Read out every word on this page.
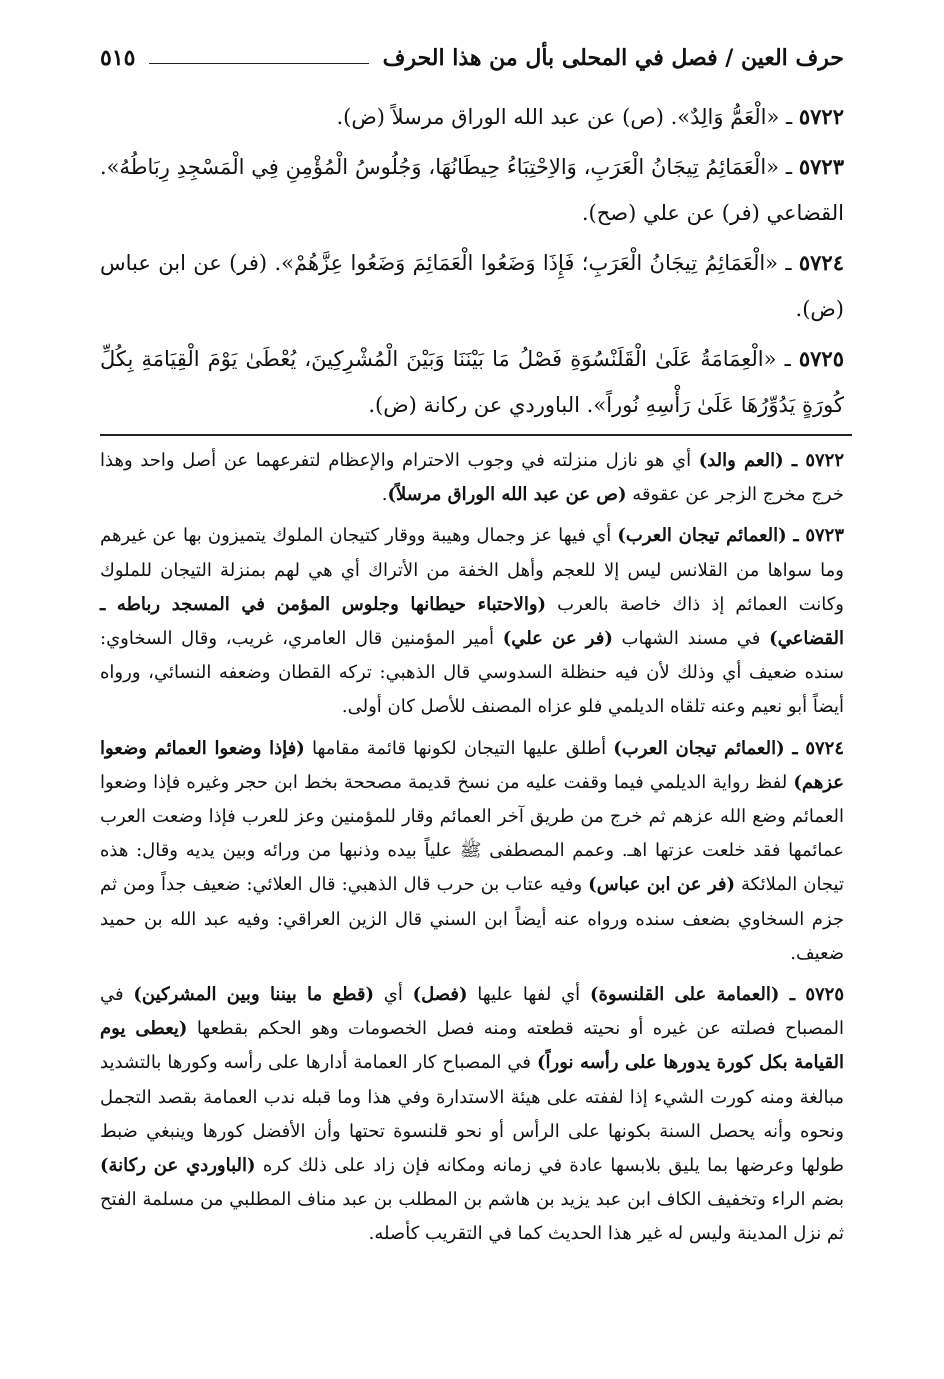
حرف العين / فصل في المحلى بأل من هذا الحرف
٥١٥

٥٧٢٢ ـ «الْعَمُّ وَالِدٌ». (ص) عن عبد الله الوراق مرسلاً (ض).

٥٧٢٣ ـ «الْعَمَائِمُ تِيجَانُ الْعَرَبِ، وَالاِحْتِبَاءُ حِيطَانُهَا، وَجُلُوسُ الْمُؤْمِنِ فِي الْمَسْجِدِ رِبَاطُهُ». القضاعي (فر) عن علي (صح).

٥٧٢٤ ـ «الْعَمَائِمُ تِيجَانُ الْعَرَبِ؛ فَإِذَا وَضَعُوا الْعَمَائِمَ وَضَعُوا عِزَّهُمْ». (فر) عن ابن عباس (ض).

٥٧٢٥ ـ «الْعِمَامَةُ عَلَىٰ الْقَلَنْسُوَةِ فَصْلُ مَا بَيْنَنَا وَبَيْنَ الْمُشْرِكِينَ، يُعْطَىٰ يَوْمَ الْقِيَامَةِ بِكُلِّ كُورَةٍ يَدُوِّرُهَا عَلَىٰ رَأْسِهِ نُوراً». الباوردي عن ركانة (ض).

٥٧٢٢ ـ (العم والد) أي هو نازل منزلته في وجوب الاحترام والإعظام لتفرعهما عن أصل واحد وهذا خرج مخرج الزجر عن عقوقه (ص عن عبد الله الوراق مرسلاً).

٥٧٢٣ ـ (العمائم تيجان العرب) أي فيها عز وجمال وهيبة ووقار كتيجان الملوك يتميزون بها عن غيرهم وما سواها من القلانس ليس إلا للعجم وأهل الخفة من الأتراك أي هي لهم بمنزلة التيجان للملوك وكانت العمائم إذ ذاك خاصة بالعرب (والاحتباء حيطانها وجلوس المؤمن في المسجد رباطه ـ القضاعي) في مسند الشهاب (فر عن علي) أمير المؤمنين قال العامري، غريب، وقال السخاوي: سنده ضعيف أي وذلك لأن فيه حنظلة السدوسي قال الذهبي: تركه القطان وضعفه النسائي، ورواه أيضاً أبو نعيم وعنه تلقاه الديلمي فلو عزاه المصنف للأصل كان أولى.

٥٧٢٤ ـ (العمائم تيجان العرب) أطلق عليها التيجان لكونها قائمة مقامها (فإذا وضعوا العمائم وضعوا عزهم) لفظ رواية الديلمي فيما وقفت عليه من نسخ قديمة مصححة بخط ابن حجر وغيره فإذا وضعوا العمائم وضع الله عزهم ثم خرج من طريق آخر العمائم وقار للمؤمنين وعز للعرب فإذا وضعت العرب عمائمها فقد خلعت عزتها اهـ. وعمم المصطفى ﷺ علياً بيده وذنبها من ورائه وبين يديه وقال: هذه تيجان الملائكة (فر عن ابن عباس) وفيه عتاب بن حرب قال الذهبي: قال العلائي: ضعيف جداً ومن ثم جزم السخاوي بضعف سنده ورواه عنه أيضاً ابن السني قال الزين العراقي: وفيه عبد الله بن حميد ضعيف.

٥٧٢٥ ـ (العمامة على القلنسوة) أي لفها عليها (فصل) أي (قطع ما بيننا وبين المشركين) في المصباح فصلته عن غيره أو نحيته قطعته ومنه فصل الخصومات وهو الحكم بقطعها (يعطى يوم القيامة بكل كورة يدورها على رأسه نوراً) في المصباح كار العمامة أدارها على رأسه وكورها بالتشديد مبالغة ومنه كورت الشيء إذا لففته على هيئة الاستدارة وفي هذا وما قبله ندب العمامة بقصد التجمل ونحوه وأنه يحصل السنة بكونها على الرأس أو نحو قلنسوة تحتها وأن الأفضل كورها وينبغي ضبط طولها وعرضها بما يليق بلابسها عادة في زمانه ومكانه فإن زاد على ذلك كره (الباوردي عن ركانة) بضم الراء وتخفيف الكاف ابن عبد يزيد بن هاشم بن المطلب بن عبد مناف المطلبي من مسلمة الفتح ثم نزل المدينة وليس له غير هذا الحديث كما في التقريب كأصله.
